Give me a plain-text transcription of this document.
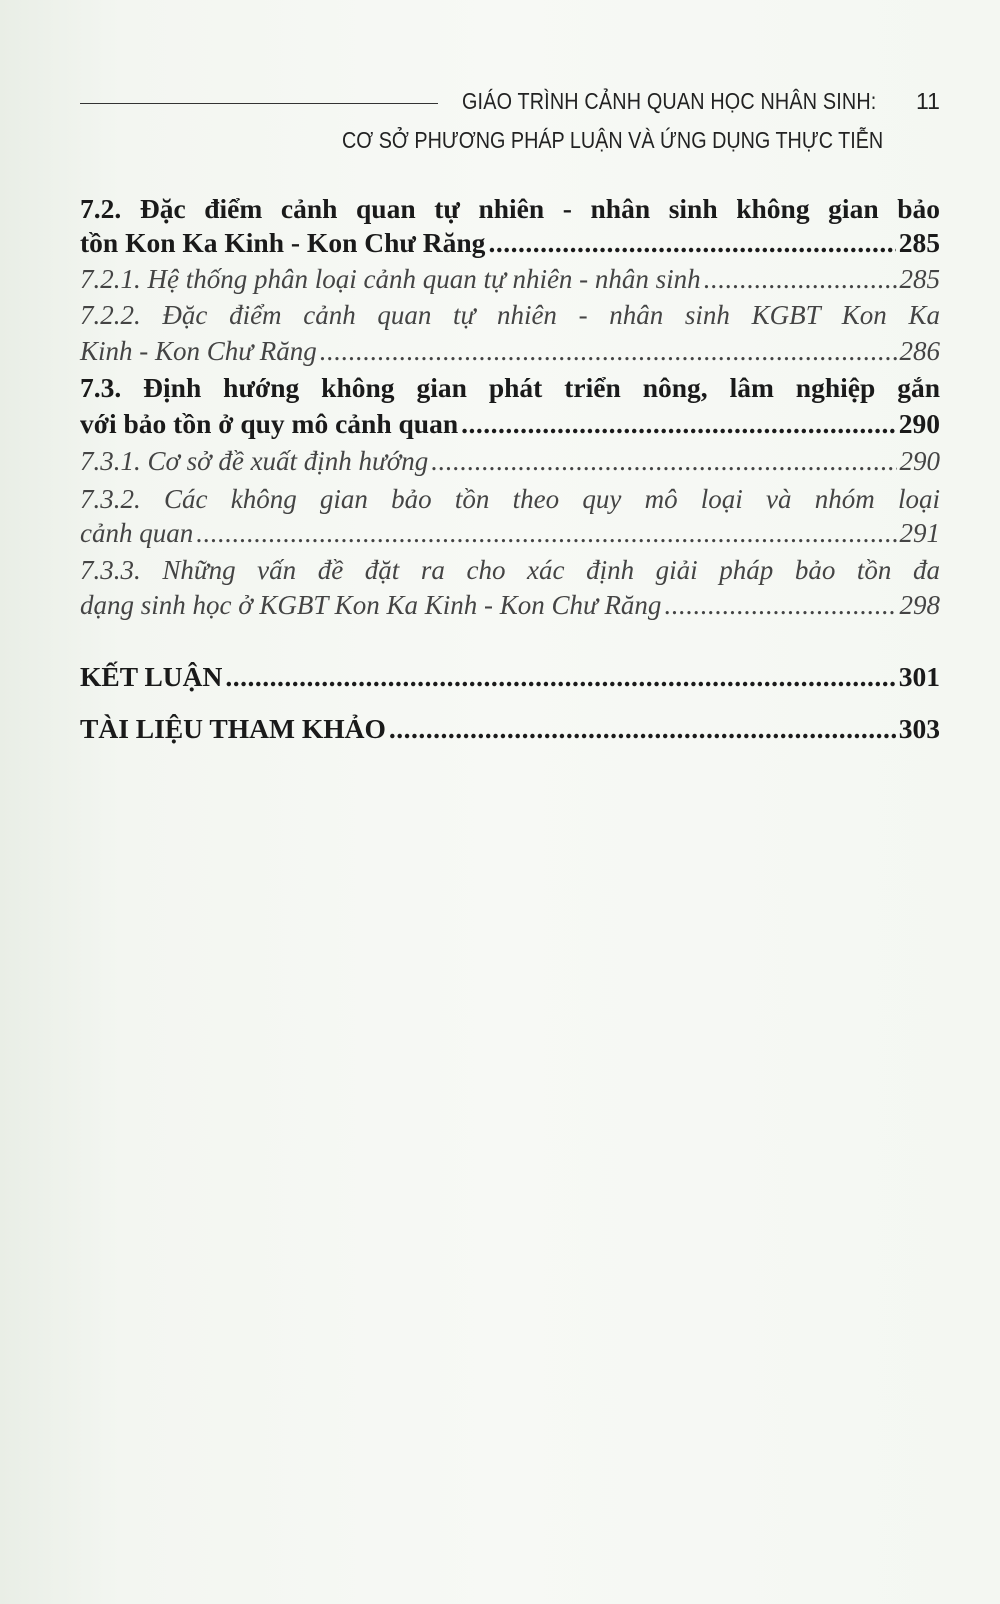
GIÁO TRÌNH CẢNH QUAN HỌC NHÂN SINH: 11
CƠ SỞ PHƯƠNG PHÁP LUẬN VÀ ỨNG DỤNG THỰC TIỄN
7.2. Đặc điểm cảnh quan tự nhiên - nhân sinh không gian bảo
tồn Kon Ka Kinh - Kon Chư Răng .....	285
7.2.1. Hệ thống phân loại cảnh quan tự nhiên - nhân sinh .....	285
7.2.2. Đặc điểm cảnh quan tự nhiên - nhân sinh KGBT Kon Ka
Kinh - Kon Chư Răng .....	286
7.3. Định hướng không gian phát triển nông, lâm nghiệp gắn
với bảo tồn ở quy mô cảnh quan .....	290
7.3.1. Cơ sở đề xuất định hướng .....	290
7.3.2. Các không gian bảo tồn theo quy mô loại và nhóm loại
cảnh quan .....	291
7.3.3. Những vấn đề đặt ra cho xác định giải pháp bảo tồn đa
dạng sinh học ở KGBT Kon Ka Kinh - Kon Chư Răng .....	298
KẾT LUẬN .....	301
TÀI LIỆU THAM KHẢO .....	303
